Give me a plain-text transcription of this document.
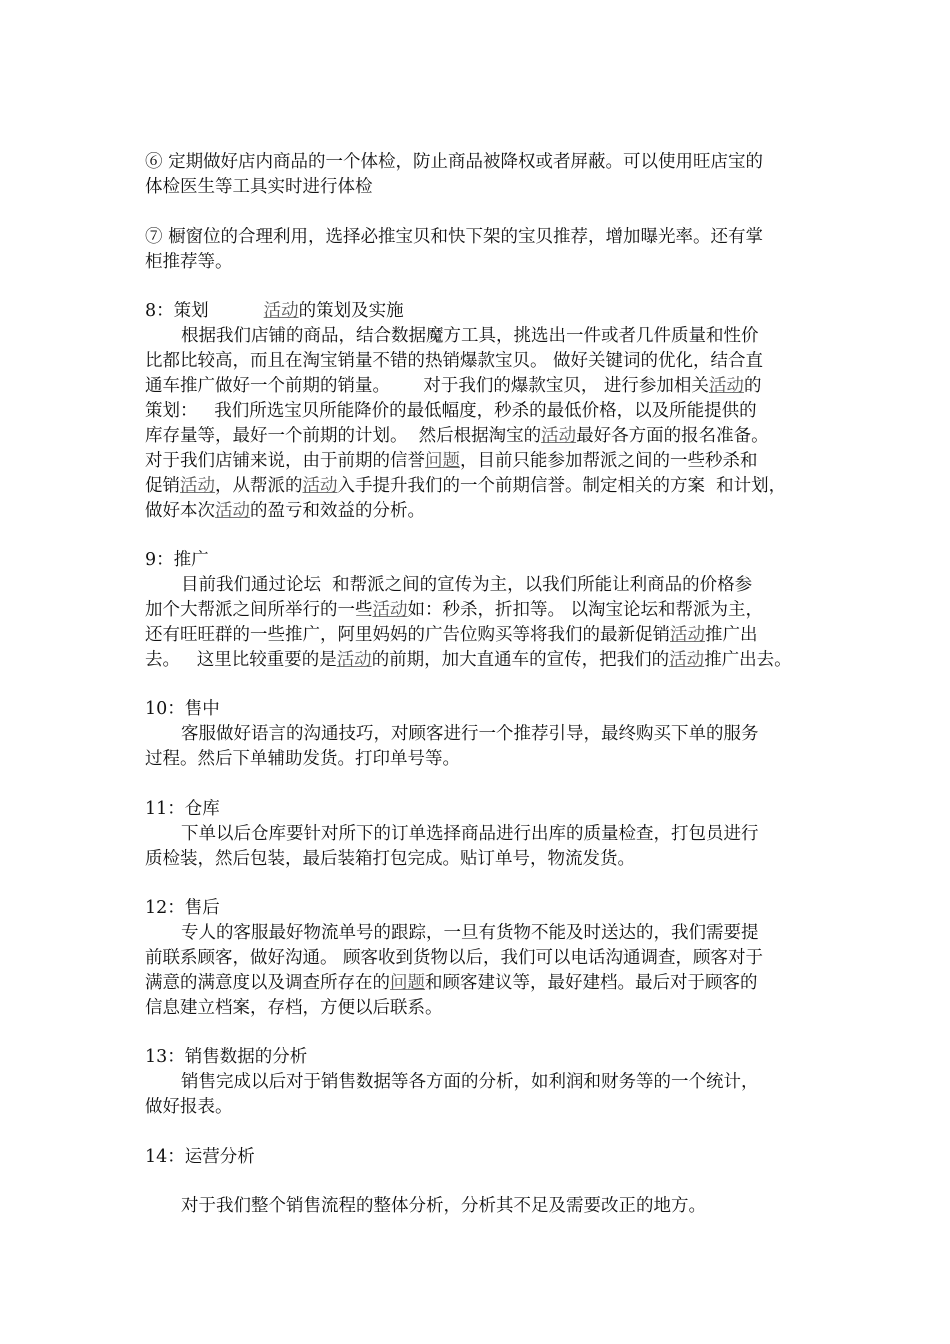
⑥ 定期做好店内商品的一个体检，防止商品被降权或者屏蔽。可以使用旺店宝的
体检医生等工具实时进行体检
⑦ 橱窗位的合理利用，选择必推宝贝和快下架的宝贝推荐，增加曝光率。还有掌
柜推荐等。
8：策划	活动的策划及实施
根据我们店铺的商品，结合数据魔方工具，挑选出一件或者几件质量和性价
比都比较高，而且在淘宝销量不错的热销爆款宝贝。 做好关键词的优化，结合直
通车推广做好一个前期的销量。      对于我们的爆款宝贝， 进行参加相关活动的
策划：   我们所选宝贝所能降价的最低幅度，秒杀的最低价格，以及所能提供的
库存量等，最好一个前期的计划。  然后根据淘宝的活动最好各方面的报名准备。
对于我们店铺来说，由于前期的信誉问题，目前只能参加帮派之间的一些秒杀和
促销活动，从帮派的活动入手提升我们的一个前期信誉。制定相关的方案  和计划，
做好本次活动的盈亏和效益的分析。
9：推广
目前我们通过论坛  和帮派之间的宣传为主，以我们所能让利商品的价格参
加个大帮派之间所举行的一些活动如：秒杀，折扣等。 以淘宝论坛和帮派为主，
还有旺旺群的一些推广，阿里妈妈的广告位购买等将我们的最新促销活动推广出
去。   这里比较重要的是活动的前期，加大直通车的宣传，把我们的活动推广出去。
10：售中
客服做好语言的沟通技巧，对顾客进行一个推荐引导，最终购买下单的服务
过程。然后下单辅助发货。打印单号等。
11：仓库
下单以后仓库要针对所下的订单选择商品进行出库的质量检查，打包员进行
质检装，然后包装，最后装箱打包完成。贴订单号，物流发货。
12：售后
专人的客服最好物流单号的跟踪，一旦有货物不能及时送达的，我们需要提
前联系顾客，做好沟通。 顾客收到货物以后，我们可以电话沟通调查，顾客对于
满意的满意度以及调查所存在的问题和顾客建议等，最好建档。最后对于顾客的
信息建立档案，存档，方便以后联系。
13：销售数据的分析
销售完成以后对于销售数据等各方面的分析，如利润和财务等的一个统计，
做好报表。
14：运营分析
对于我们整个销售流程的整体分析，分析其不足及需要改正的地方。
